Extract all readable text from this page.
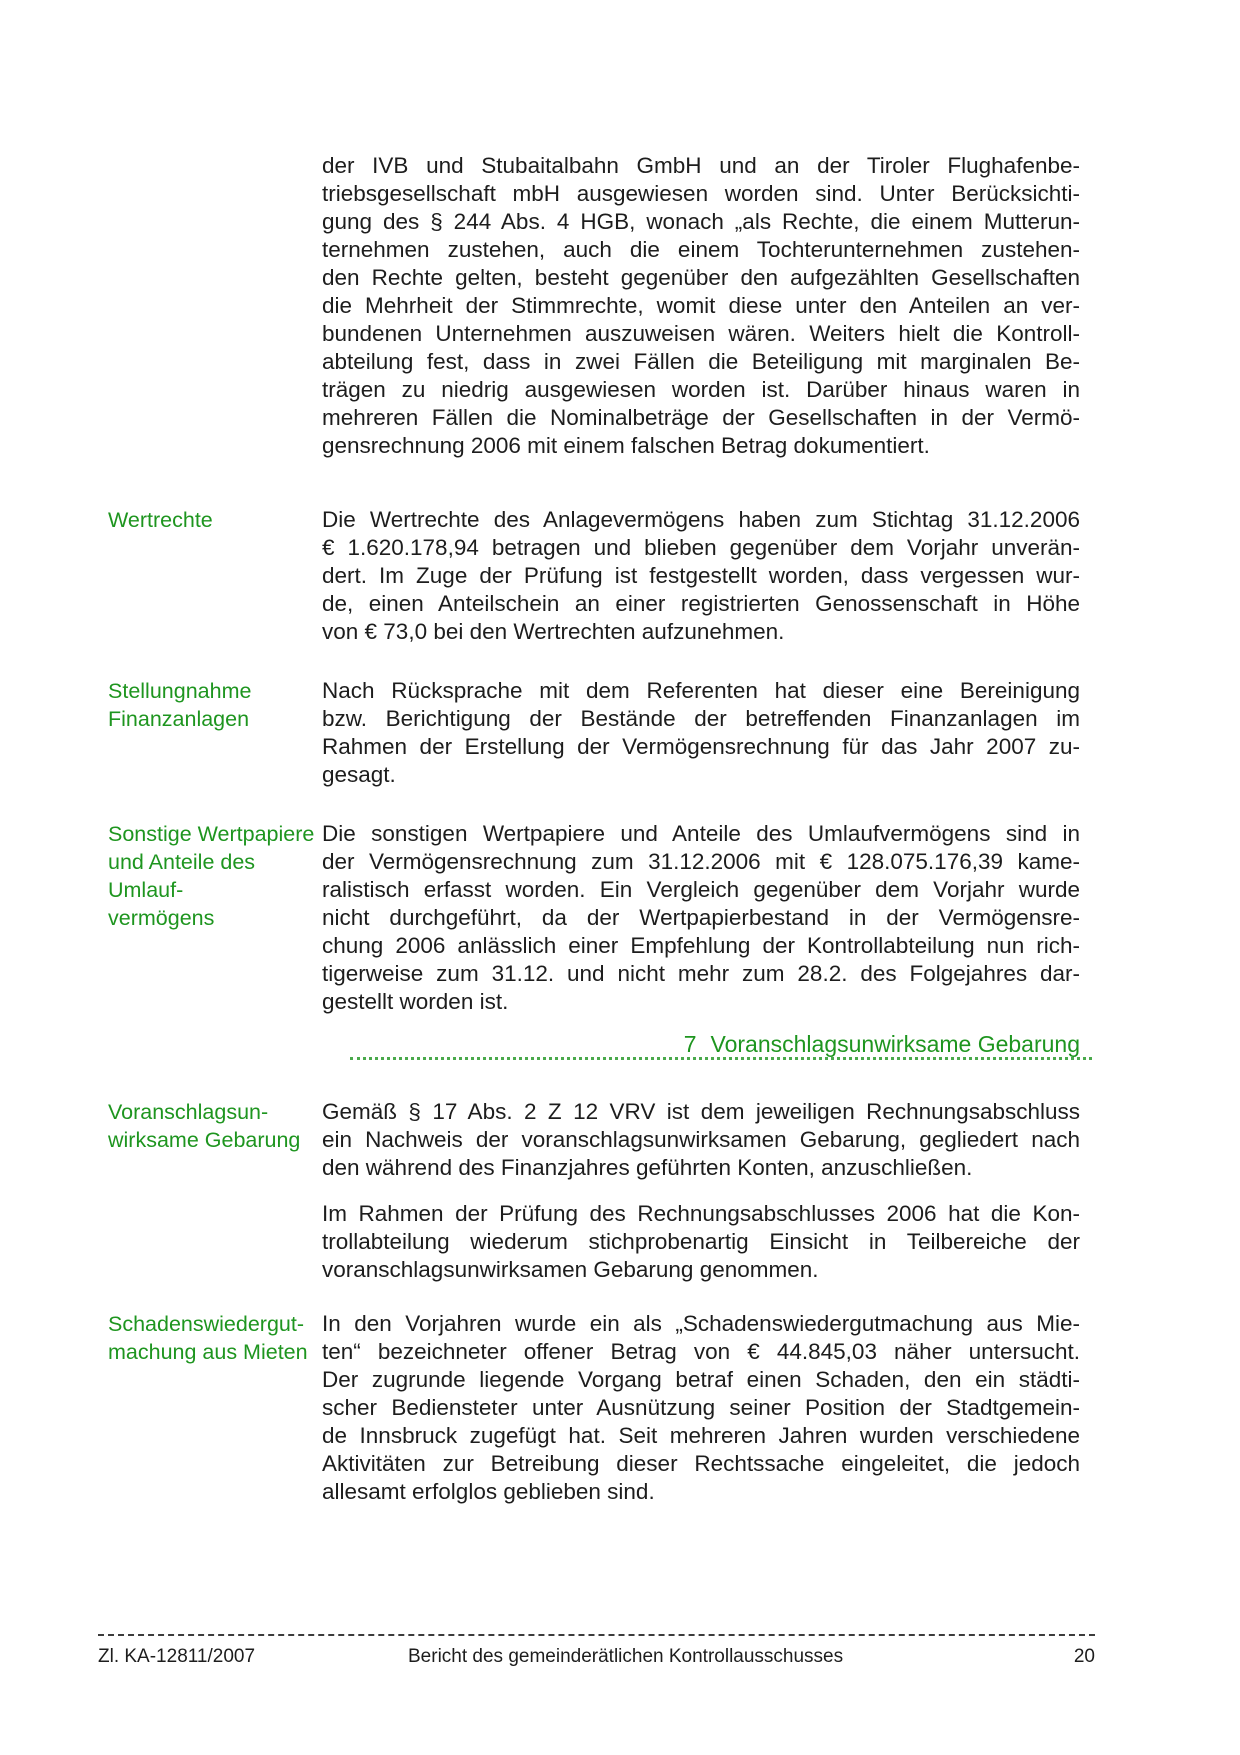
der IVB und Stubaitalbahn GmbH und an der Tiroler Flughafenbe-
triebsgesellschaft mbH ausgewiesen worden sind. Unter Berücksichti-
gung des § 244 Abs. 4 HGB, wonach „als Rechte, die einem Mutterun-
ternehmen zustehen, auch die einem Tochterunternehmen zustehen-
den Rechte gelten, besteht gegenüber den aufgezählten Gesellschaften
die Mehrheit der Stimmrechte, womit diese unter den Anteilen an ver-
bundenen Unternehmen auszuweisen wären. Weiters hielt die Kontroll-
abteilung fest, dass in zwei Fällen die Beteiligung mit marginalen Be-
trägen zu niedrig ausgewiesen worden ist. Darüber hinaus waren in
mehreren Fällen die Nominalbeträge der Gesellschaften in der Vermö-
gensrechnung 2006 mit einem falschen Betrag dokumentiert.
Wertrechte	Die Wertrechte des Anlagevermögens haben zum Stichtag 31.12.2006
€ 1.620.178,94 betragen und blieben gegenüber dem Vorjahr unverän-
dert. Im Zuge der Prüfung ist festgestellt worden, dass vergessen wur-
de, einen Anteilschein an einer registrierten Genossenschaft in Höhe
von € 73,0 bei den Wertrechten aufzunehmen.
Stellungnahme
Finanzanlagen
Nach Rücksprache mit dem Referenten hat dieser eine Bereinigung
bzw. Berichtigung der Bestände der betreffenden Finanzanlagen im
Rahmen der Erstellung der Vermögensrechnung für das Jahr 2007 zu-
gesagt.
Sonstige Wertpapiere
und Anteile des Umlauf-
vermögens
Die sonstigen Wertpapiere und Anteile des Umlaufvermögens sind in
der Vermögensrechnung zum 31.12.2006 mit € 128.075.176,39 kame-
ralistisch erfasst worden. Ein Vergleich gegenüber dem Vorjahr wurde
nicht durchgeführt, da der Wertpapierbestand in der Vermögensre-
chung 2006 anlässlich einer Empfehlung der Kontrollabteilung nun rich-
tigerweise zum 31.12. und nicht mehr zum 28.2. des Folgejahres dar-
gestellt worden ist.
7 Voranschlagsunwirksame Gebarung
Voranschlagsun-
wirksame Gebarung
Gemäß § 17 Abs. 2 Z 12 VRV ist dem jeweiligen Rechnungsabschluss
ein Nachweis der voranschlagsunwirksamen Gebarung, gegliedert nach
den während des Finanzjahres geführten Konten, anzuschließen.
Im Rahmen der Prüfung des Rechnungsabschlusses 2006 hat die Kon-
trollabteilung wiederum stichprobenartig Einsicht in Teilbereiche der
voranschlagsunwirksamen Gebarung genommen.
Schadenswiedergut-
machung aus Mieten
In den Vorjahren wurde ein als „Schadenswiedergutmachung aus Mie-
ten“ bezeichneter offener Betrag von € 44.845,03 näher untersucht.
Der zugrunde liegende Vorgang betraf einen Schaden, den ein städti-
scher Bediensteter unter Ausnützung seiner Position der Stadtgemein-
de Innsbruck zugefügt hat. Seit mehreren Jahren wurden verschiedene
Aktivitäten zur Betreibung dieser Rechtssache eingeleitet, die jedoch
allesamt erfolglos geblieben sind.
Zl. KA-12811/2007	Bericht des gemeinderätlichen Kontrollausschusses	20
